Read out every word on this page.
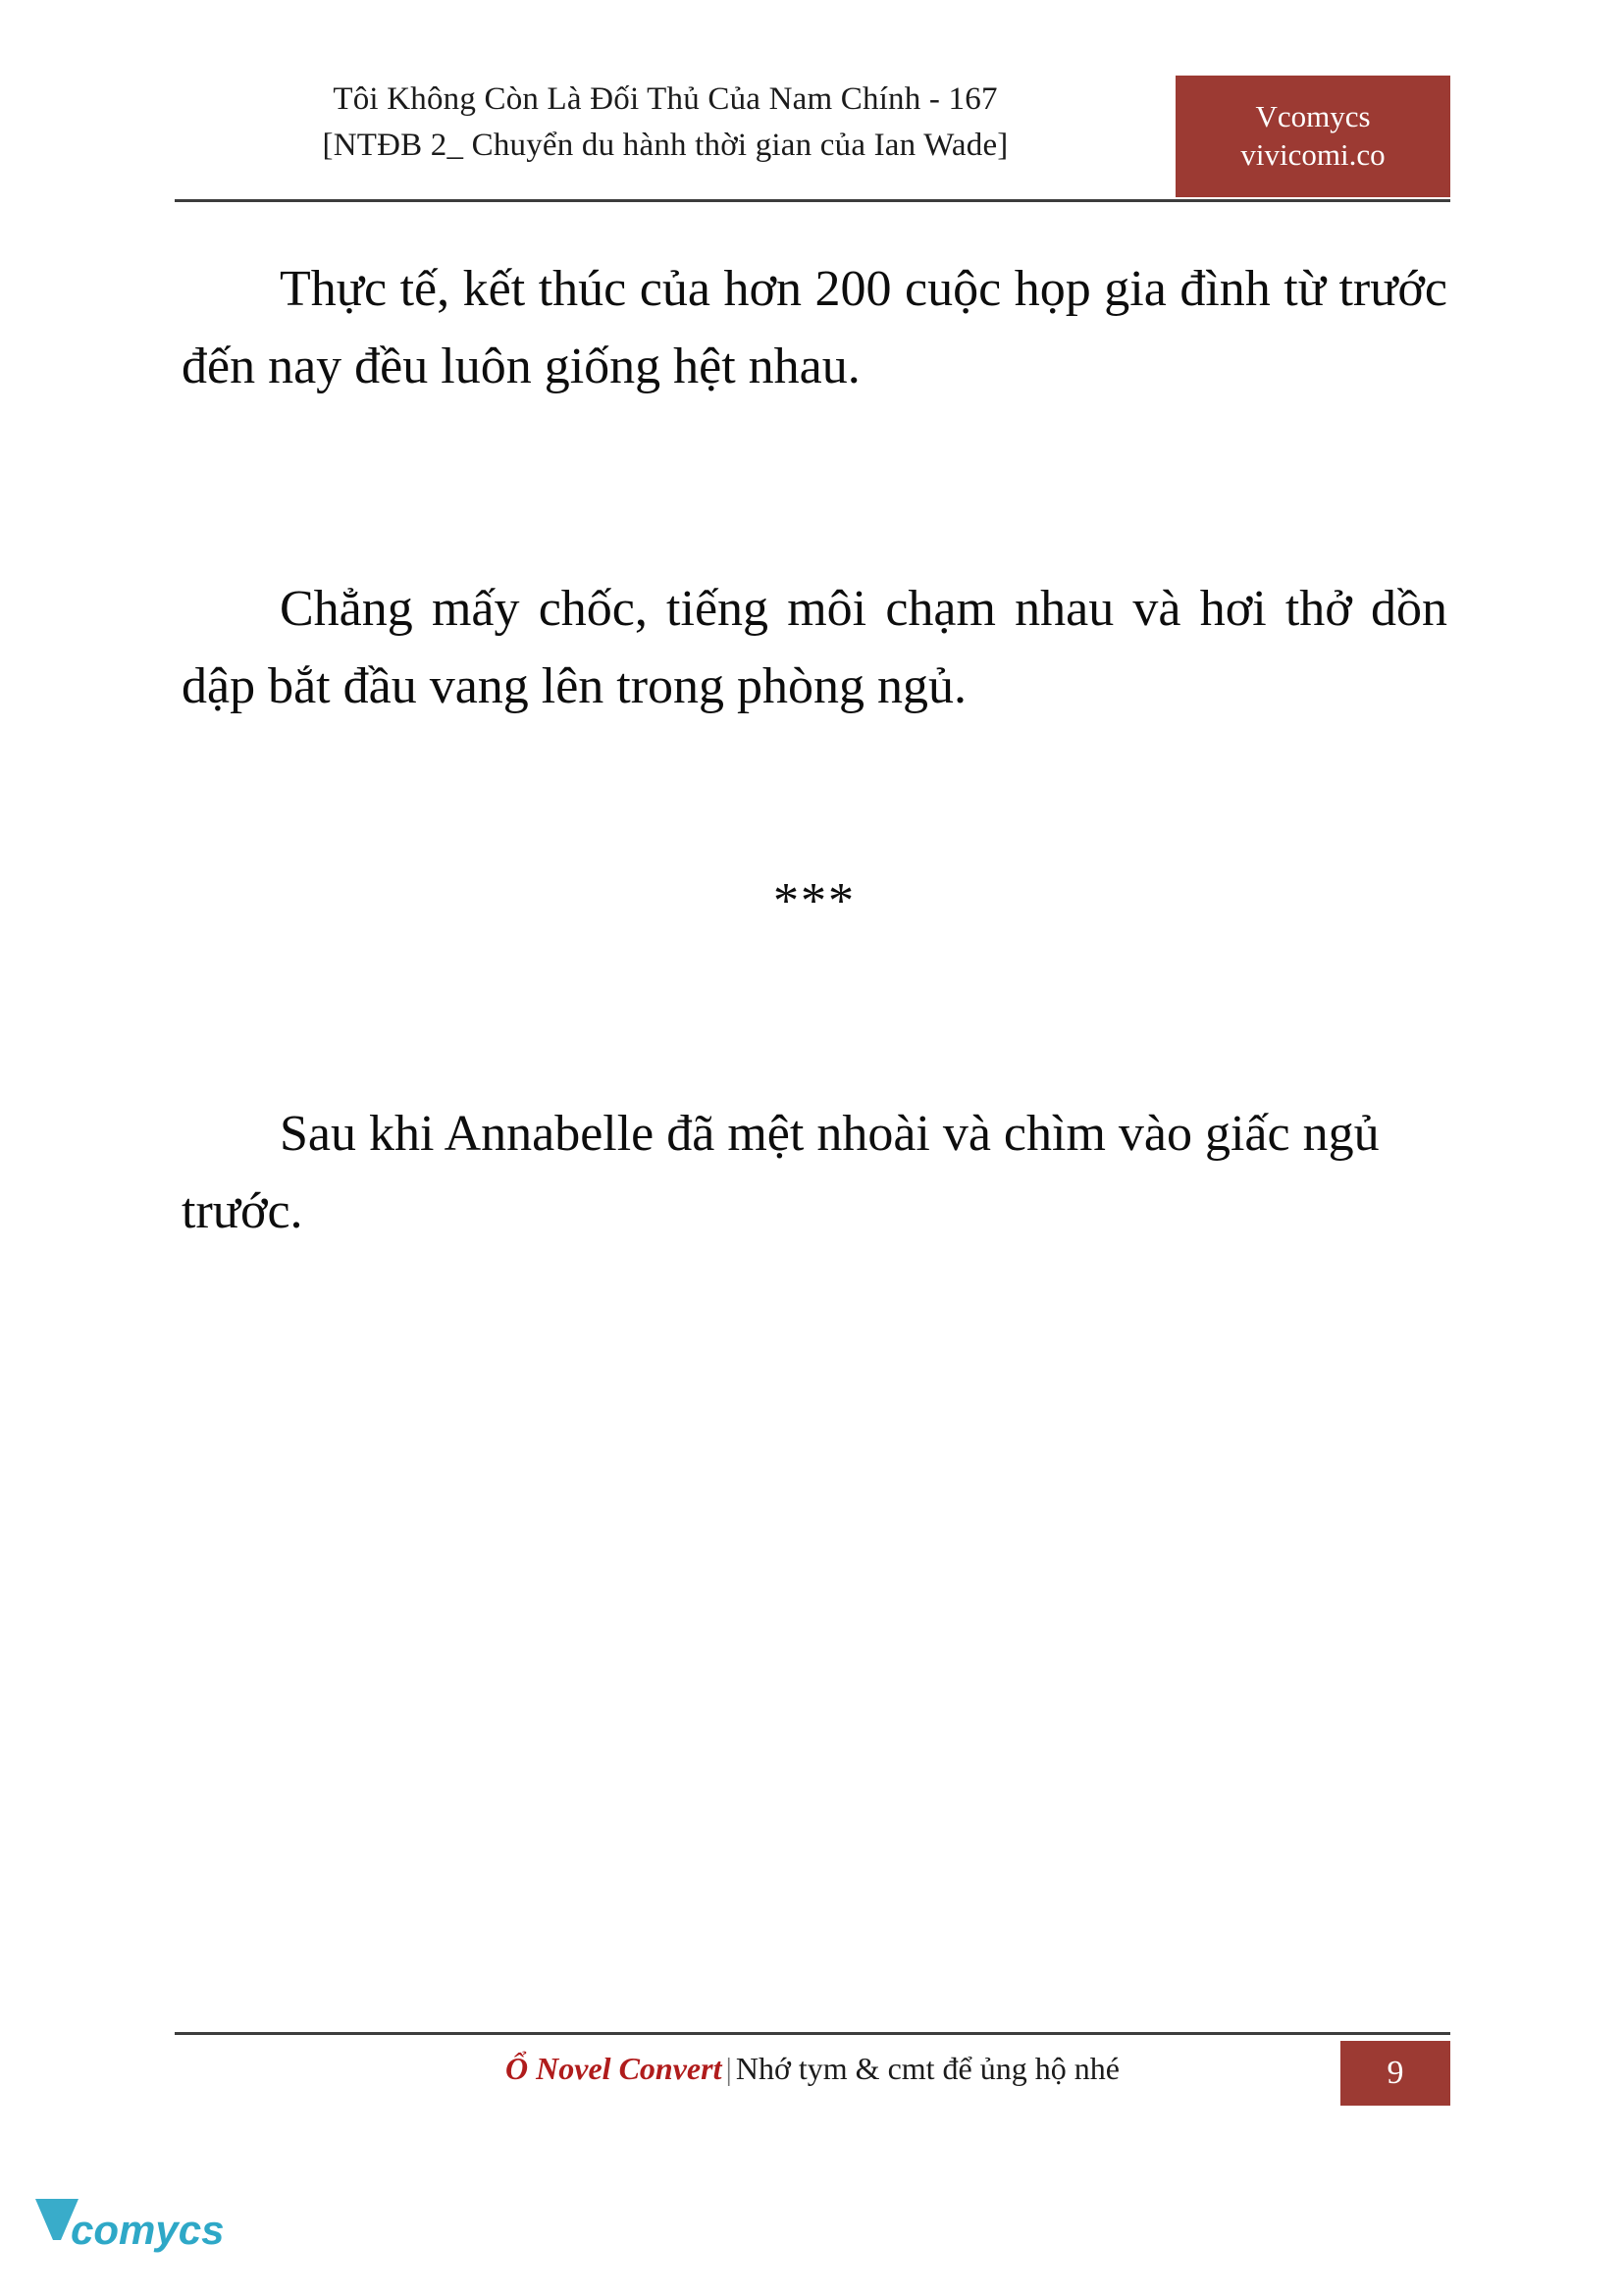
Tôi Không Còn Là Đối Thủ Của Nam Chính - 167
[NTĐB 2_ Chuyển du hành thời gian của Ian Wade]
Vcomycs
vivicomi.co

Thực tế, kết thúc của hơn 200 cuộc họp gia đình từ trước đến nay đều luôn giống hệt nhau.

Chẳng mấy chốc, tiếng môi chạm nhau và hơi thở dồn dập bắt đầu vang lên trong phòng ngủ.

***

Sau khi Annabelle đã mệt nhoài và chìm vào giấc ngủ trước.

Ổ Novel Convert | Nhớ tym & cmt để ủng hộ nhé	9
comycs
